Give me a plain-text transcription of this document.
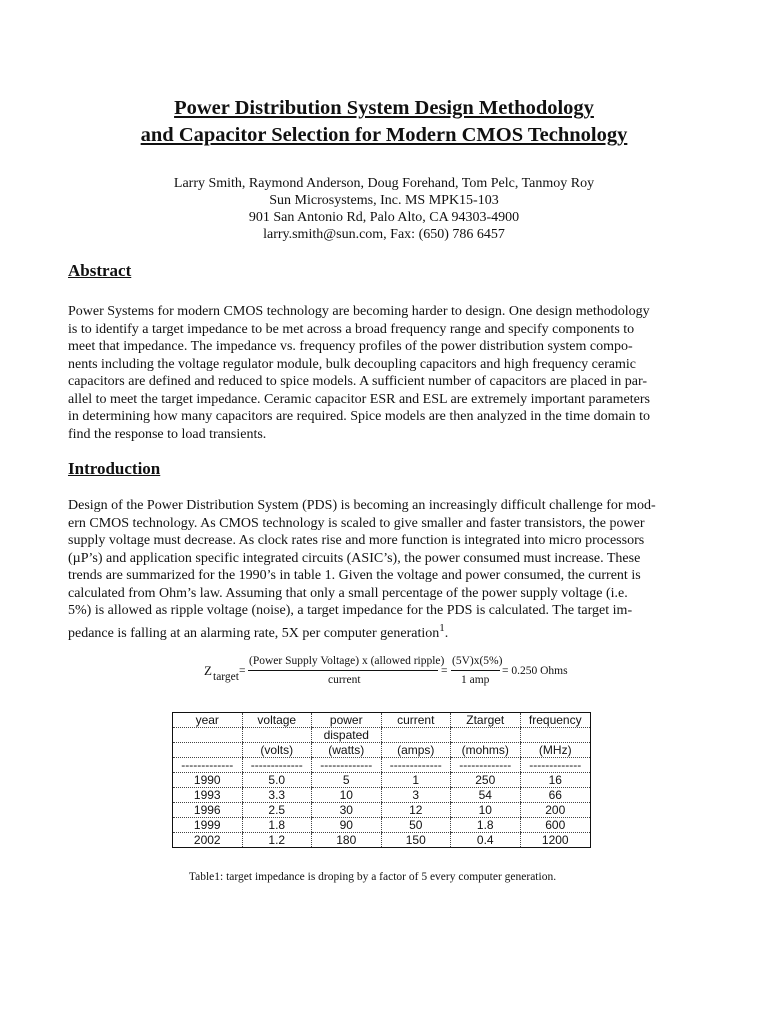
Power Distribution System Design Methodology
and Capacitor Selection for Modern CMOS Technology
Larry Smith, Raymond Anderson, Doug Forehand, Tom Pelc, Tanmoy Roy
Sun Microsystems, Inc. MS MPK15-103
901 San Antonio Rd, Palo Alto, CA 94303-4900
larry.smith@sun.com, Fax: (650) 786 6457
Abstract
Power Systems for modern CMOS technology are becoming harder to design. One design methodology
is to identify a target impedance to be met across a broad frequency range and specify components to
meet that impedance. The impedance vs. frequency profiles of the power distribution system compo-
nents including the voltage regulator module, bulk decoupling capacitors and high frequency ceramic
capacitors are defined and reduced to spice models. A sufficient number of capacitors are placed in par-
allel to meet the target impedance. Ceramic capacitor ESR and ESL are extremely important parameters
in determining how many capacitors are required. Spice models are then analyzed in the time domain to
find the response to load transients.
Introduction
Design of the Power Distribution System (PDS) is becoming an increasingly difficult challenge for mod-
ern CMOS technology. As CMOS technology is scaled to give smaller and faster transistors, the power
supply voltage must decrease. As clock rates rise and more function is integrated into micro processors
(µP’s) and application specific integrated circuits (ASIC’s), the power consumed must increase. These
trends are summarized for the 1990’s in table 1. Given the voltage and power consumed, the current is
calculated from Ohm’s law. Assuming that only a small percentage of the power supply voltage (i.e.
5%) is allowed as ripple voltage (noise), a target impedance for the PDS is calculated. The target im-
pedance is falling at an alarming rate, 5X per computer generation$^1$.
Z target =
(Power Supply Voltage) x (allowed ripple)
current
=
(5V)x(5%)
1 amp
= 0.250 Ohms
year	voltage	power	current	Ztarget	frequency
		dispated			
	(volts)	(watts)	(amps)	(mohms)	(MHz)
-------------	-------------	-------------	-------------	-------------	-------------
1990	5.0	5	1	250	16
1993	3.3	10	3	54	66
1996	2.5	30	12	10	200
1999	1.8	90	50	1.8	600
2002	1.2	180	150	0.4	1200
Table1: target impedance is droping by a factor of 5 every computer generation.
